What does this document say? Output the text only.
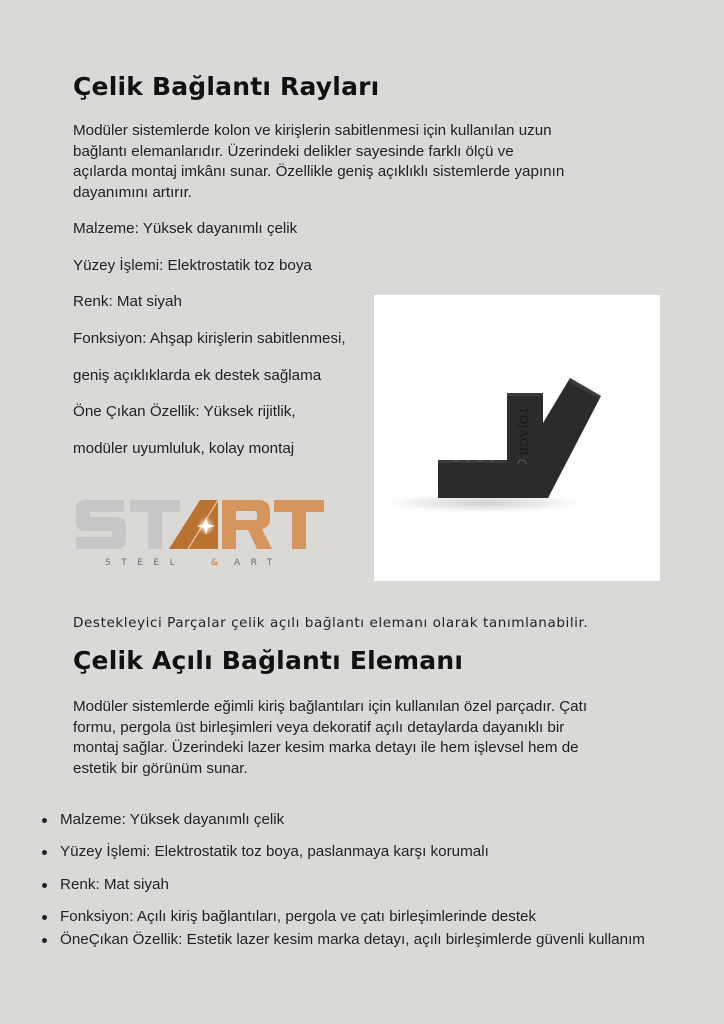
Çelik Bağlantı Rayları
Modüler sistemlerde kolon ve kirişlerin sabitlenmesi için kullanılan uzun
bağlantı elemanlarıdır. Üzerindeki delikler sayesinde farklı ölçü ve
açılarda montaj imkânı sunar. Özellikle geniş açıklıklı sistemlerde yapının
dayanımını artırır.
Malzeme: Yüksek dayanımlı çelik
Yüzey İşlemi: Elektrostatik toz boya
Renk: Mat siyah
Fonksiyon: Ahşap kirişlerin sabitlenmesi,
geniş açıklıklarda ek destek sağlama
Öne Çıkan Özellik: Yüksek rijitlik,
modüler uyumluluk, kolay montaj
STEEL	& ART
TOJAGR
Destekleyici Parçalar çelik açılı bağlantı elemanı olarak tanımlanabilir.
Çelik Açılı Bağlantı Elemanı
Modüler sistemlerde eğimli kiriş bağlantıları için kullanılan özel parçadır. Çatı
formu, pergola üst birleşimleri veya dekoratif açılı detaylarda dayanıklı bir
montaj sağlar. Üzerindeki lazer kesim marka detayı ile hem işlevsel hem de
estetik bir görünüm sunar.
Malzeme: Yüksek dayanımlı çelik
Yüzey İşlemi: Elektrostatik toz boya, paslanmaya karşı korumalı
Renk: Mat siyah
Fonksiyon: Açılı kiriş bağlantıları, pergola ve çatı birleşimlerinde destek
ÖneÇıkan Özellik: Estetik lazer kesim marka detayı, açılı birleşimlerde güvenli kullanım
